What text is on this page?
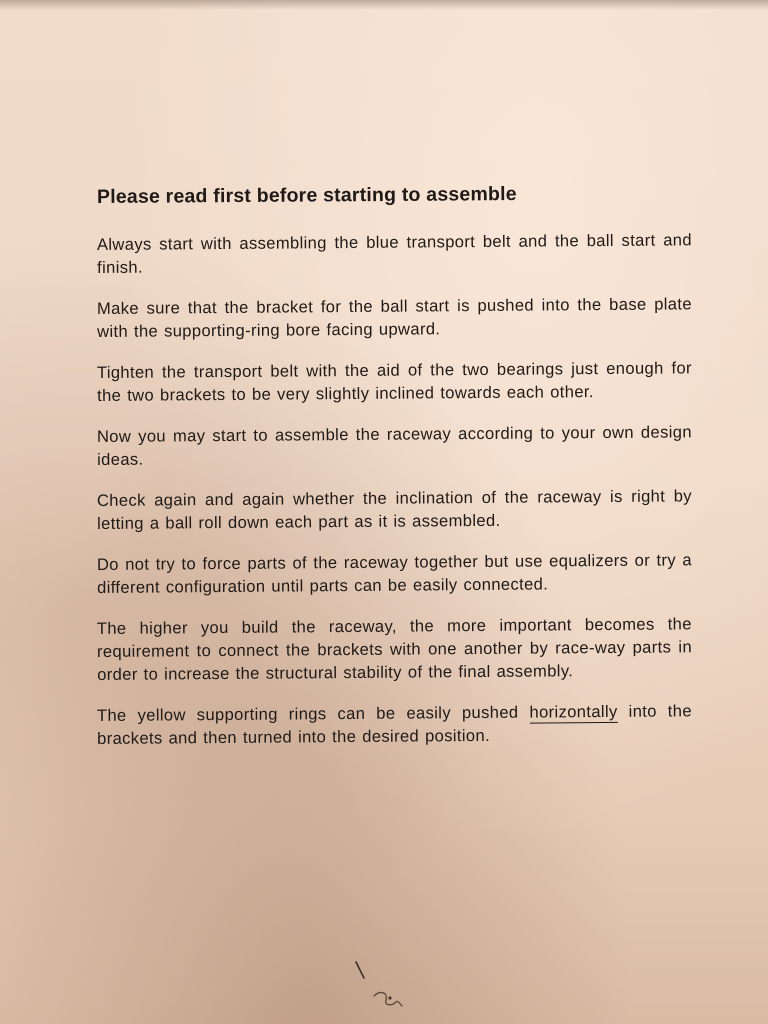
Please read first before starting to assemble

Always start with assembling the blue transport belt and the ball start and finish.

Make sure that the bracket for the ball start is pushed into the base plate with the supporting-ring bore facing upward.

Tighten the transport belt with the aid of the two bearings just enough for the two brackets to be very slightly inclined towards each other.

Now you may start to assemble the raceway according to your own design ideas.

Check again and again whether the inclination of the raceway is right by letting a ball roll down each part as it is assembled.

Do not try to force parts of the raceway together but use equalizers or try a different configuration until parts can be easily connected.

The higher you build the raceway, the more important becomes the requirement to connect the brackets with one another by race-way parts in order to increase the structural stability of the final assembly.

The yellow supporting rings can be easily pushed horizontally into the brackets and then turned into the desired position.
